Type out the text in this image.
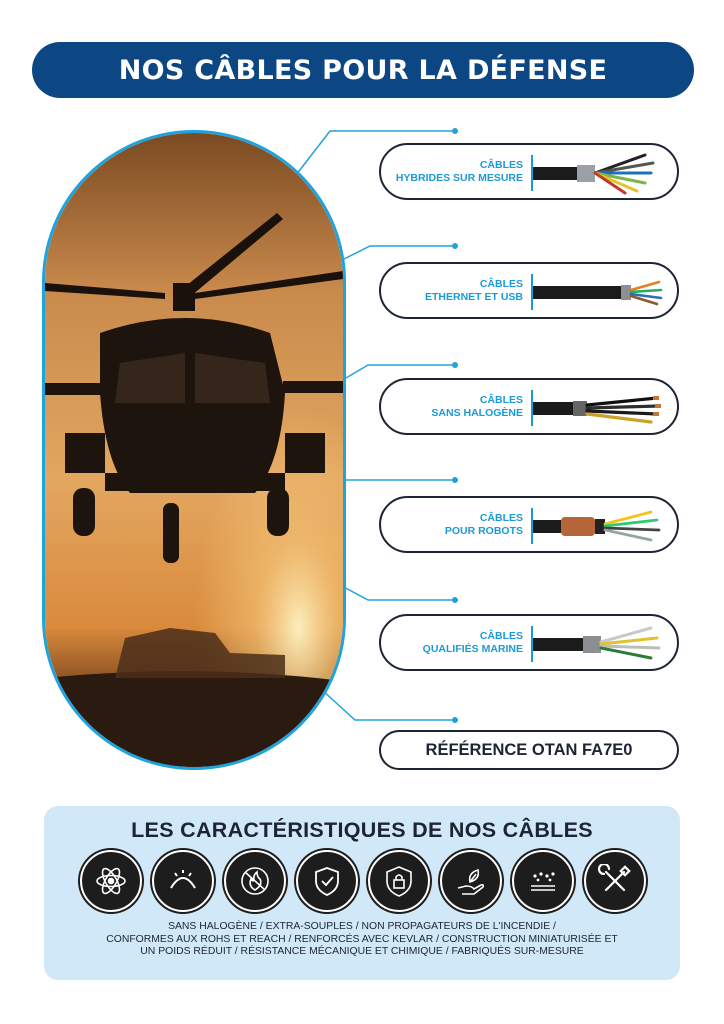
NOS CÂBLES POUR LA DÉFENSE
CÂBLES
HYBRIDES SUR MESURE
CÂBLES
ETHERNET ET USB
CÂBLES
SANS HALOGÈNE
CÂBLES
POUR ROBOTS
CÂBLES
QUALIFIÉS MARINE
RÉFÉRENCE OTAN FA7E0
LES CARACTÉRISTIQUES DE NOS CÂBLES
SANS HALOGÈNE / EXTRA-SOUPLES / NON PROPAGATEURS DE L'INCENDIE /
CONFORMES AUX ROHS ET REACH / RENFORCÉS AVEC KEVLAR / CONSTRUCTION MINIATURISÉE ET
UN POIDS RÉDUIT / RÉSISTANCE MÉCANIQUE ET CHIMIQUE / FABRIQUÉS SUR-MESURE
